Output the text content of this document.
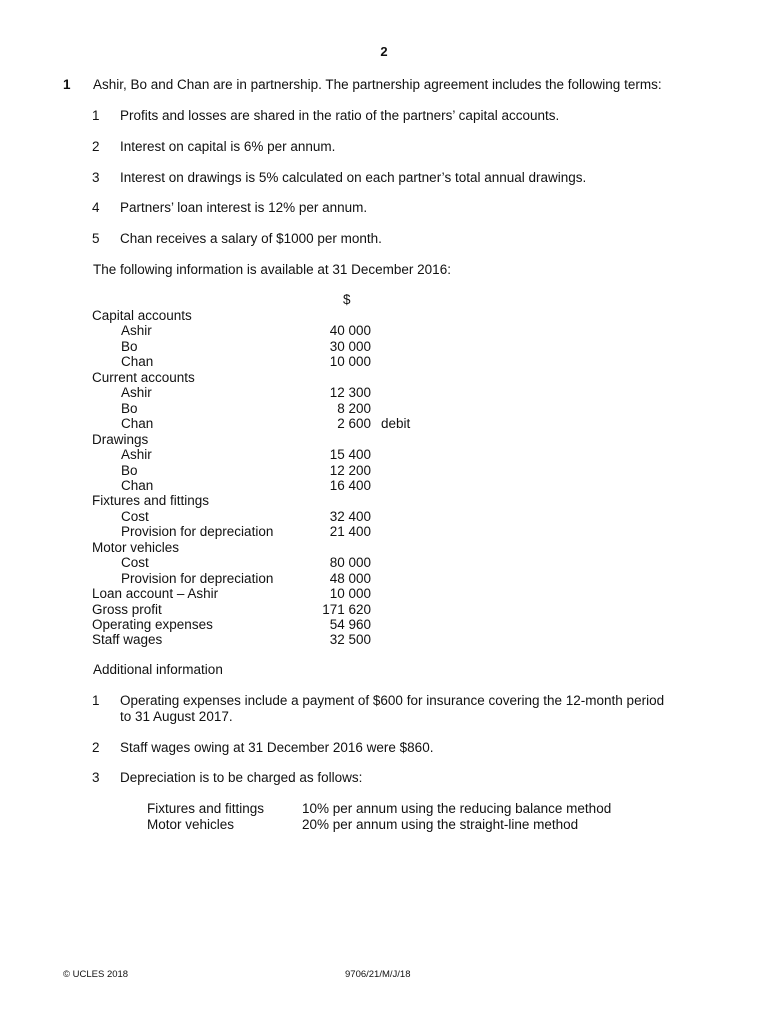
2
1 Ashir, Bo and Chan are in partnership. The partnership agreement includes the following terms:
1	Profits and losses are shared in the ratio of the partners’ capital accounts.
2	Interest on capital is 6% per annum.
3	Interest on drawings is 5% calculated on each partner’s total annual drawings.
4	Partners’ loan interest is 12% per annum.
5	Chan receives a salary of $1000 per month.
The following information is available at 31 December 2016:
$
Capital accounts
Ashir	40 000
Bo	30 000
Chan	10 000
Current accounts
Ashir	12 300
Bo	8 200
Chan	2 600 debit
Drawings
Ashir	15 400
Bo	12 200
Chan	16 400
Fixtures and fittings
Cost	32 400
Provision for depreciation	21 400
Motor vehicles
Cost	80 000
Provision for depreciation	48 000
Loan account – Ashir	10 000
Gross profit	171 620
Operating expenses	54 960
Staff wages	32 500
Additional information
1	Operating expenses include a payment of $600 for insurance covering the 12-month period
to 31 August 2017.
2	Staff wages owing at 31 December 2016 were $860.
3	Depreciation is to be charged as follows:
Fixtures and fittings	10% per annum using the reducing balance method
Motor vehicles	20% per annum using the straight-line method
© UCLES 2018	9706/21/M/J/18
